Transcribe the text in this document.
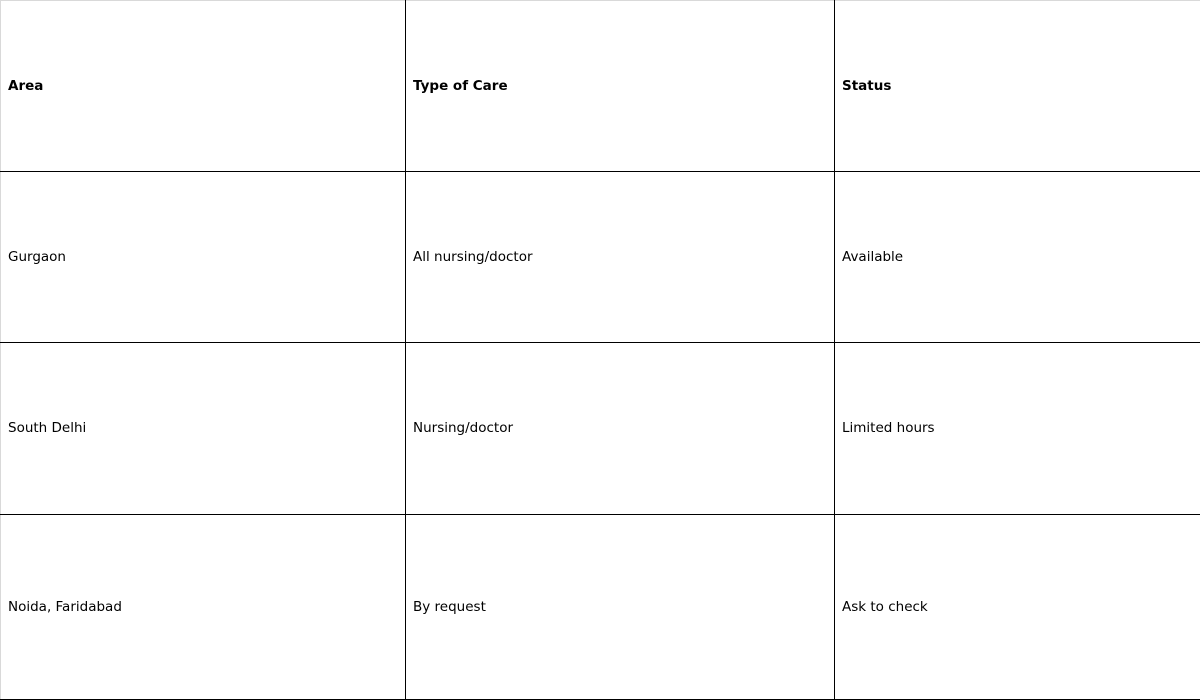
Area	Type of Care	Status
Gurgaon	All nursing/doctor	Available
South Delhi	Nursing/doctor	Limited hours
Noida, Faridabad	By request	Ask to check
